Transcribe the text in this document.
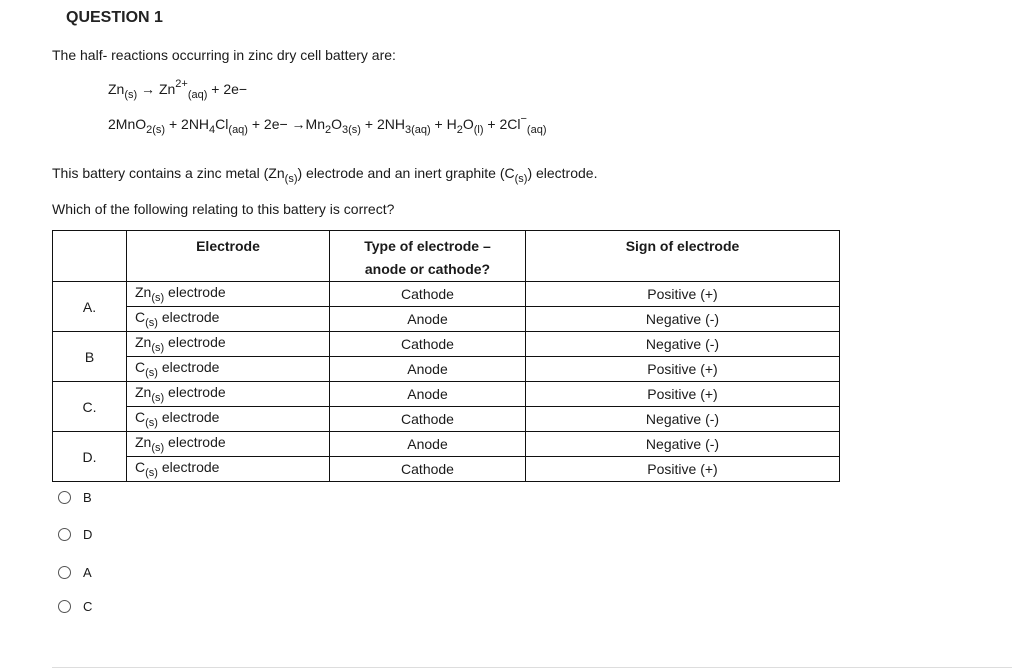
QUESTION 1
The half- reactions occurring in zinc dry cell battery are:
$Zn_{(s)} \to Zn^{2+}_{(aq)} + 2e-$
$2MnO_{2(s)} + 2NH_4Cl_{(aq)} + 2e- \to Mn_2O_{3(s)} + 2NH_{3(aq)} + H_2O_{(l)} + 2Cl^-_{(aq)}$
This battery contains a zinc metal $(Zn_{(s)})$ electrode and an inert graphite $(C_{(s)})$ electrode.
Which of the following relating to this battery is correct?
	Electrode	Type of electrode –
anode or cathode?	Sign of electrode
A.	$Zn_{(s)}$ electrode	Cathode	Positive (+)
	$C_{(s)}$ electrode	Anode	Negative (-)
B	$Zn_{(s)}$ electrode	Cathode	Negative (-)
	$C_{(s)}$ electrode	Anode	Positive (+)
C.	$Zn_{(s)}$ electrode	Anode	Positive (+)
	$C_{(s)}$ electrode	Cathode	Negative (-)
D.	$Zn_{(s)}$ electrode	Anode	Negative (-)
	$C_{(s)}$ electrode	Cathode	Positive (+)
B
D
A
C
